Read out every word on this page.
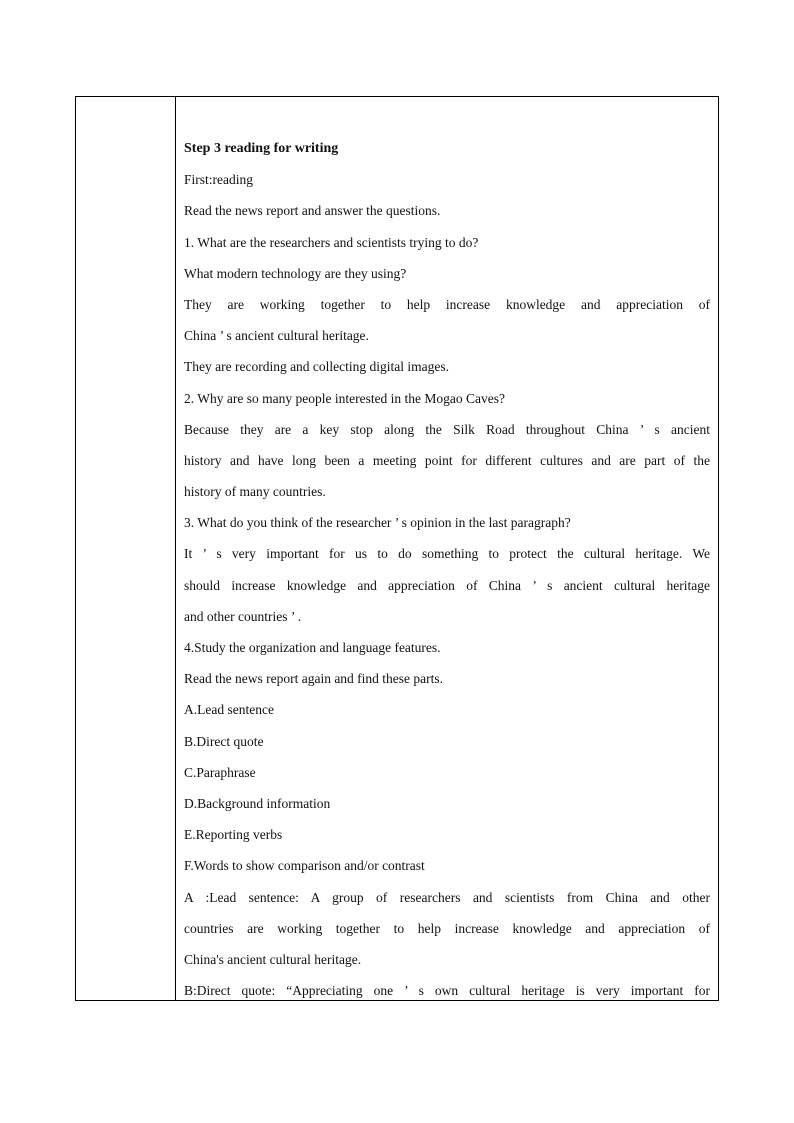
Step 3 reading for writing
First:reading
Read the news report and answer the questions.
1. What are the researchers and scientists trying to do?
What modern technology are they using?
They are working together to help increase knowledge and appreciation of
China ’ s ancient cultural heritage.
They are recording and collecting digital images.
2. Why are so many people interested in the Mogao Caves?
Because they are a key stop along the Silk Road throughout China ’ s ancient
history and have long been a meeting point for different cultures and are part of the
history of many countries.
3. What do you think of the researcher ’ s opinion in the last paragraph?
It ’ s very important for us to do something to protect the cultural heritage. We
should increase knowledge and appreciation of China ’ s ancient cultural heritage
and other countries ’ .
4.Study the organization and language features.
Read the news report again and find these parts.
A.Lead sentence
B.Direct quote
C.Paraphrase
D.Background information
E.Reporting verbs
F.Words to show comparison and/or contrast
A :Lead sentence: A group of researchers and scientists from China and other
countries are working together to help increase knowledge and appreciation of
China's ancient cultural heritage.
B:Direct quote: “Appreciating one ’ s own cultural heritage is very important for
